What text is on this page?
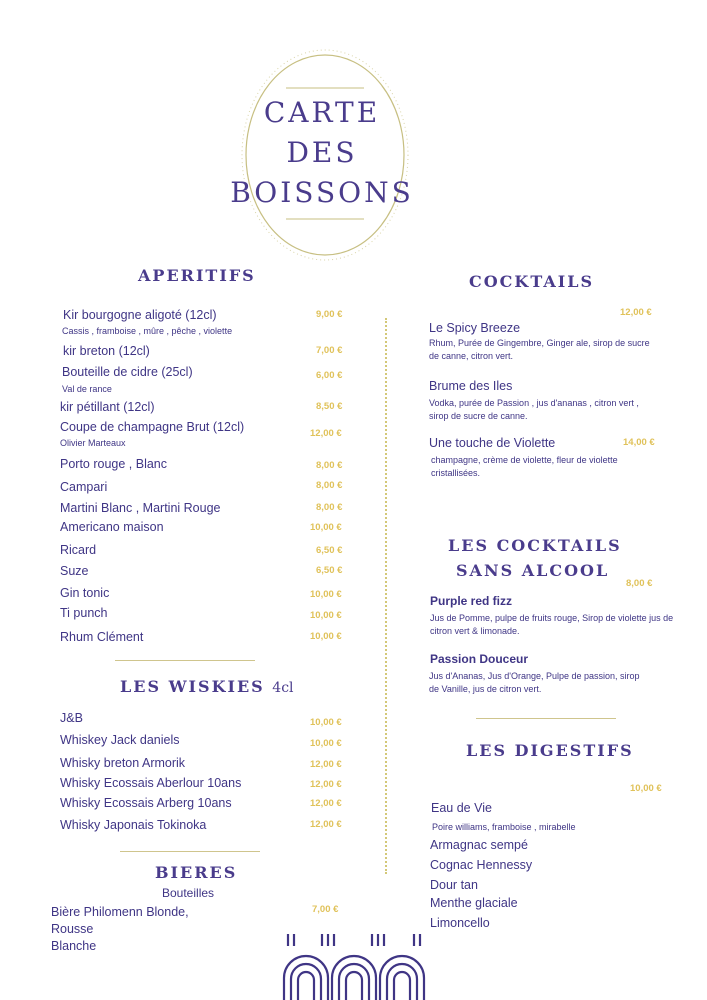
CARTE
DES
BOISSONS
APERITIFS
Kir bourgogne aligoté (12cl)	9,00 €
Cassis , framboise , mûre , pêche , violette
kir breton (12cl)	7,00 €
Bouteille de cidre (25cl)	6,00 €
Val de rance
kir pétillant (12cl)	8,50 €
Coupe de champagne Brut (12cl)	12,00 €
Olivier Marteaux
Porto rouge , Blanc	8,00 €
Campari	8,00 €
Martini Blanc , Martini Rouge	8,00 €
Americano maison	10,00 €
Ricard	6,50 €
Suze	6,50 €
Gin tonic	10,00 €
Ti punch	10,00 €
Rhum Clément	10,00 €
LES WISKIES 4cl
J&B	10,00 €
Whiskey Jack daniels	10,00 €
Whisky breton Armorik	12,00 €
Whisky Ecossais Aberlour 10ans	12,00 €
Whisky Ecossais Arberg 10ans	12,00 €
Whisky Japonais Tokinoka	12,00 €
BIERES
Bouteilles
Bière Philomenn Blonde,	7,00 €
Rousse
Blanche
COCKTAILS
12,00 €
Le Spicy Breeze
Rhum, Purée de Gingembre, Ginger ale, sirop de sucre de canne, citron vert.
Brume des Iles
Vodka, purée de Passion , jus d'ananas , citron vert , sirop de sucre de canne.
Une touche de Violette	14,00 €
champagne, crème de violette, fleur de violette cristallisées.
LES COCKTAILS
SANS ALCOOL
8,00 €
Purple red fizz
Jus de Pomme, pulpe de fruits rouge, Sirop de violette jus de citron vert & limonade.
Passion Douceur
Jus d'Ananas, Jus d'Orange, Pulpe de passion, sirop de Vanille, jus de citron vert.
LES DIGESTIFS
10,00 €
Eau de Vie
Poire williams, framboise , mirabelle
Armagnac sempé
Cognac Hennessy
Dour tan
Menthe glaciale
Limoncello
